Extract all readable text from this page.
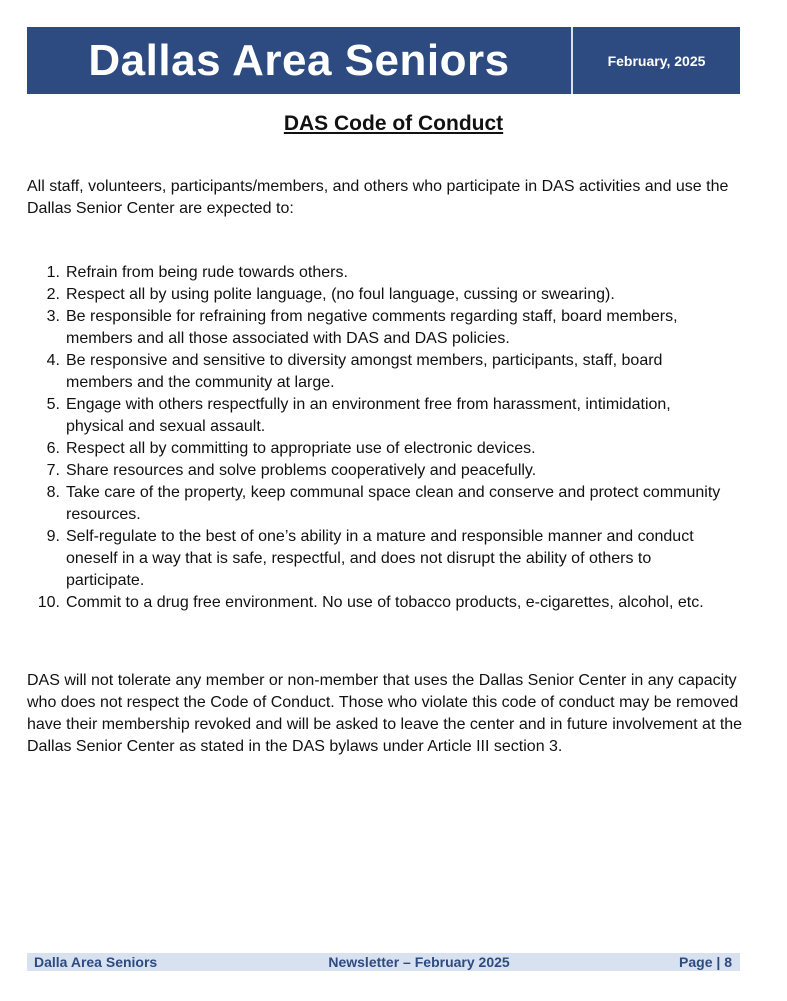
Dallas Area Seniors	February, 2025
DAS Code of Conduct

All staff, volunteers, participants/members, and others who participate in DAS activities and use the Dallas Senior Center are expected to:

1. Refrain from being rude towards others.
2. Respect all by using polite language, (no foul language, cussing or swearing).
3. Be responsible for refraining from negative comments regarding staff, board members, members and all those associated with DAS and DAS policies.
4. Be responsive and sensitive to diversity amongst members, participants, staff, board members and the community at large.
5. Engage with others respectfully in an environment free from harassment, intimidation, physical and sexual assault.
6. Respect all by committing to appropriate use of electronic devices.
7. Share resources and solve problems cooperatively and peacefully.
8. Take care of the property, keep communal space clean and conserve and protect community resources.
9. Self-regulate to the best of one’s ability in a mature and responsible manner and conduct oneself in a way that is safe, respectful, and does not disrupt the ability of others to participate.
10. Commit to a drug free environment. No use of tobacco products, e-cigarettes, alcohol, etc.

DAS will not tolerate any member or non-member that uses the Dallas Senior Center in any capacity who does not respect the Code of Conduct. Those who violate this code of conduct may be removed have their membership revoked and will be asked to leave the center and in future involvement at the Dallas Senior Center as stated in the DAS bylaws under Article III section 3.

Dalla Area Seniors	Newsletter – February 2025	Page | 8
